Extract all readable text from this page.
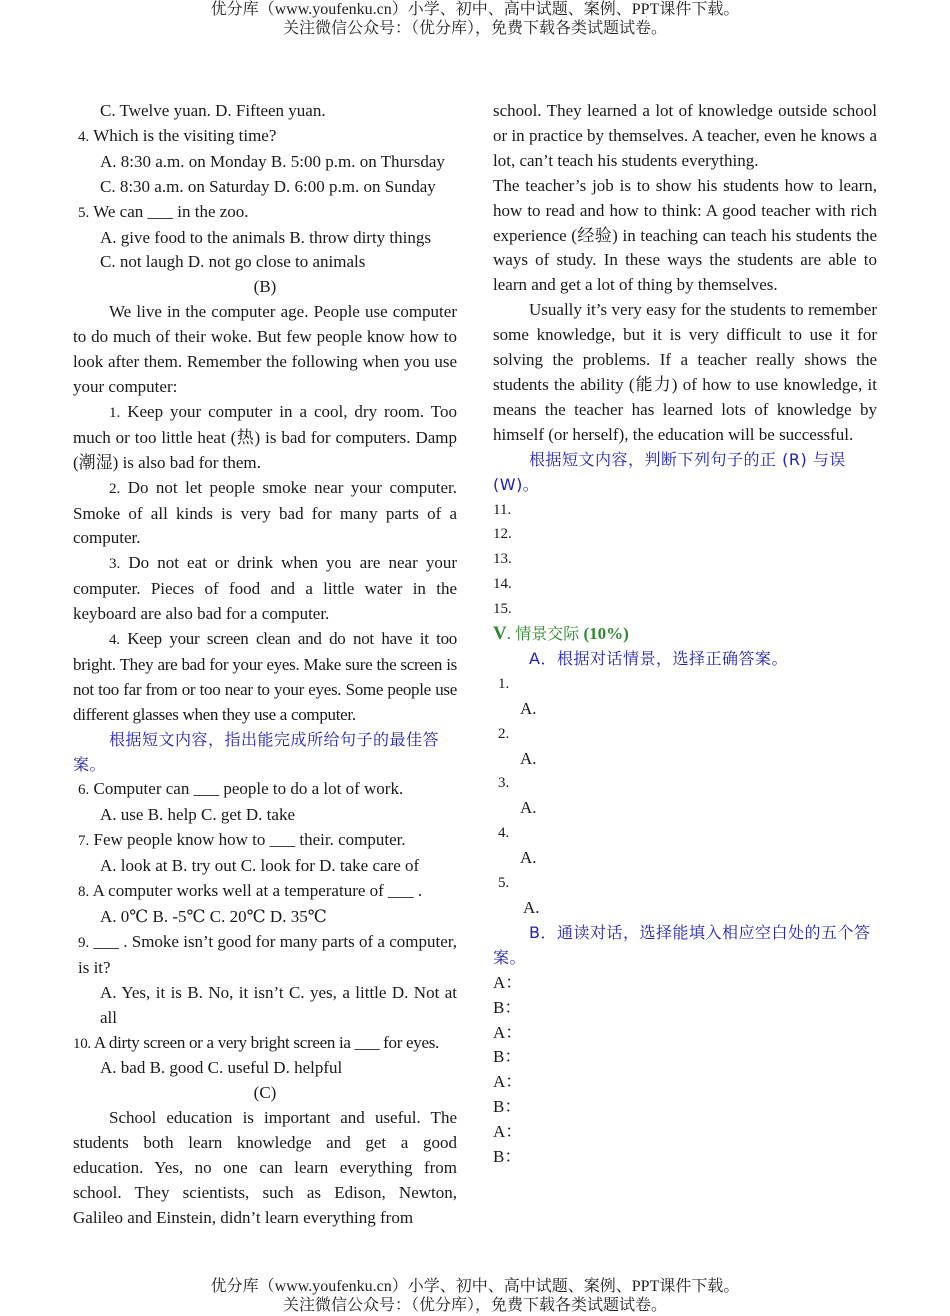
优分库（www.youfenku.cn）小学、初中、高中试题、案例、PPT课件下载。
关注微信公众号：（优分库），免费下载各类试题试卷。
C. Twelve yuan. D. Fifteen yuan.
4. Which is the visiting time?
A. 8:30 a.m. on Monday B. 5:00 p.m. on Thursday
C. 8:30 a.m. on Saturday D. 6:00 p.m. on Sunday
5. We can ___ in the zoo.
A. give food to the animals B. throw dirty things
C. not laugh D. not go close to animals
(B)
We live in the computer age. People use computer to do much of their woke. But few people know how to look after them. Remember the following when you use your computer:
1. Keep your computer in a cool, dry room. Too much or too little heat (热) is bad for computers. Damp (潮湿) is also bad for them.
2. Do not let people smoke near your computer. Smoke of all kinds is very bad for many parts of a computer.
3. Do not eat or drink when you are near your computer. Pieces of food and a little water in the keyboard are also bad for a computer.
4. Keep your screen clean and do not have it too bright. They are bad for your eyes. Make sure the screen is not too far from or too near to your eyes. Some people use different glasses when they use a computer.
根据短文内容，指出能完成所给句子的最佳答案。
6. Computer can ___ people to do a lot of work.
A. use B. help C. get D. take
7. Few people know how to ___ their. computer.
A. look at B. try out C. look for D. take care of
8. A computer works well at a temperature of ___ .
A. 0℃ B. -5℃ C. 20℃ D. 35℃
9. ___ . Smoke isn’t good for many parts of a computer, is it?
A. Yes, it is B. No, it isn’t C. yes, a little D. Not at all
10. A dirty screen or a very bright screen ia ___ for eyes.
A. bad B. good C. useful D. helpful
(C)
School education is important and useful. The students both learn knowledge and get a good education. Yes, no one can learn everything from school. They scientists, such as Edison, Newton, Galileo and Einstein, didn’t learn everything from
school. They learned a lot of knowledge outside school or in practice by themselves. A teacher, even he knows a lot, can’t teach his students everything.
The teacher’s job is to show his students how to learn, how to read and how to think: A good teacher with rich experience (经验) in teaching can teach his students the ways of study. In these ways the students are able to learn and get a lot of thing by themselves.
Usually it’s very easy for the students to remember some knowledge, but it is very difficult to use it for solving the problems. If a teacher really shows the students the ability (能力) of how to use knowledge, it means the teacher has learned lots of knowledge by himself (or herself), the education will be successful.
根据短文内容，判断下列句子的正 (R) 与误 (W)。
11.
12.
13.
14.
15.
V. 情景交际 (10%)
A．根据对话情景，选择正确答案。
1.
A.
2.
A.
3.
A.
4.
A.
5.
A.
B．通读对话，选择能填入相应空白处的五个答案。
A：
B：
A：
B：
A：
B：
A：
B：
优分库（www.youfenku.cn）小学、初中、高中试题、案例、PPT课件下载。
关注微信公众号：（优分库），免费下载各类试题试卷。
